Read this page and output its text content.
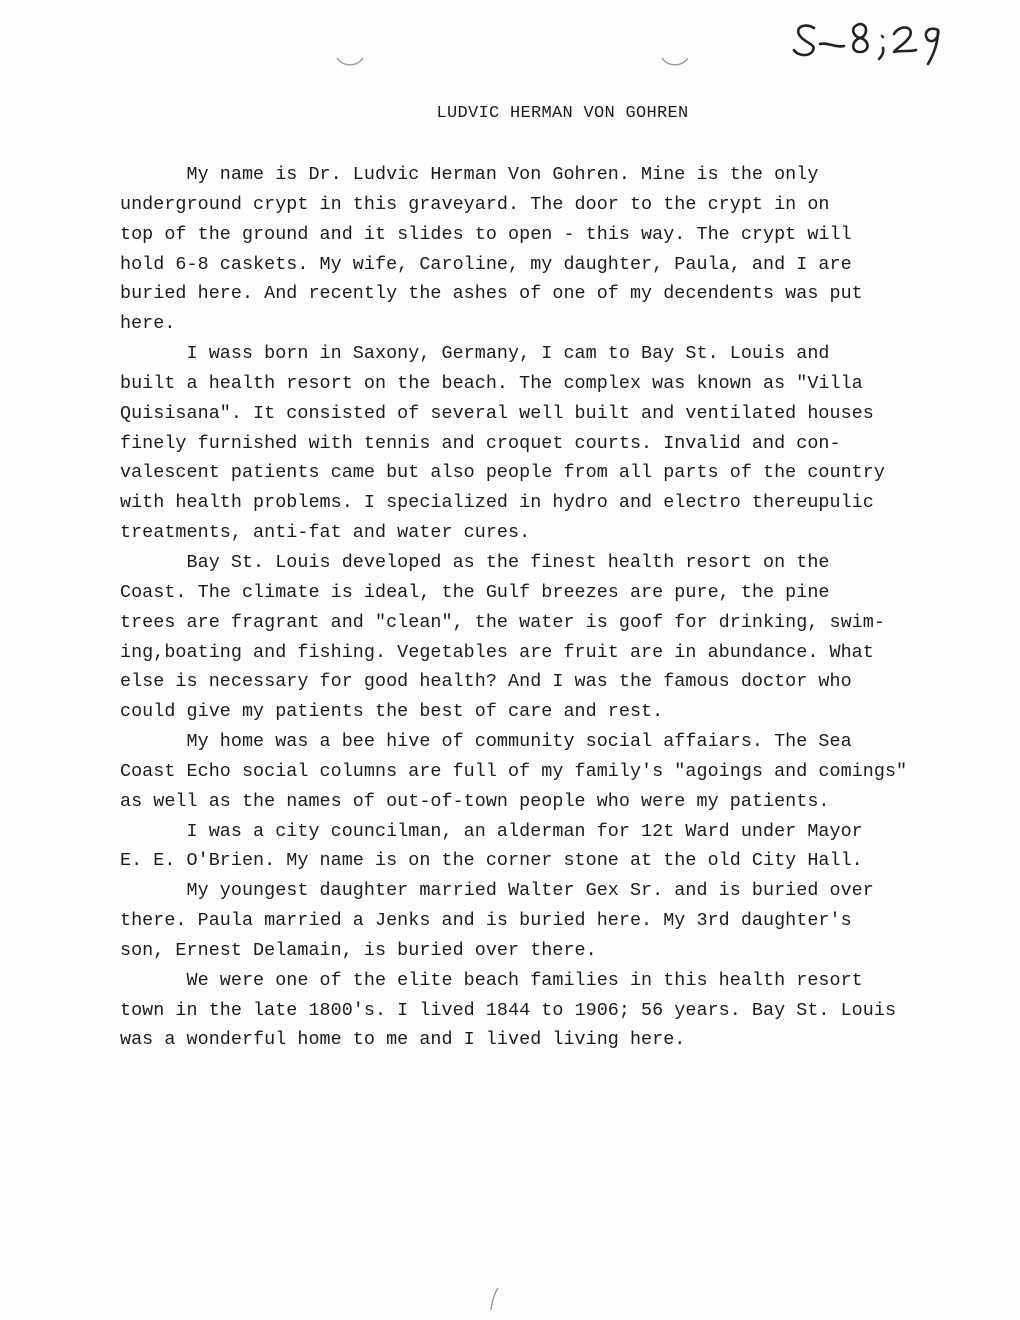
LUDVIC HERMAN VON GOHREN
My name is Dr. Ludvic Herman Von Gohren. Mine is the only
underground crypt in this graveyard. The door to the crypt in on
top of the ground and it slides to open - this way. The crypt will
hold 6-8 caskets. My wife, Caroline, my daughter, Paula, and I are
buried here. And recently the ashes of one of my decendents was put
here.
I wass born in Saxony, Germany, I cam to Bay St. Louis and
built a health resort on the beach. The complex was known as "Villa
Quisisana". It consisted of several well built and ventilated houses
finely furnished with tennis and croquet courts. Invalid and con-
valescent patients came but also people from all parts of the country
with health problems. I specialized in hydro and electro thereupulic
treatments, anti-fat and water cures.
Bay St. Louis developed as the finest health resort on the
Coast. The climate is ideal, the Gulf breezes are pure, the pine
trees are fragrant and "clean", the water is goof for drinking, swim-
ing,boating and fishing. Vegetables are fruit are in abundance. What
else is necessary for good health? And I was the famous doctor who
could give my patients the best of care and rest.
My home was a bee hive of community social affaiars. The Sea
Coast Echo social columns are full of my family's "agoings and comings"
as well as the names of out-of-town people who were my patients.
I was a city councilman, an alderman for 12t Ward under Mayor
E. E. O'Brien. My name is on the corner stone at the old City Hall.
My youngest daughter married Walter Gex Sr. and is buried over
there. Paula married a Jenks and is buried here. My 3rd daughter's
son, Ernest Delamain, is buried over there.
We were one of the elite beach families in this health resort
town in the late 1800's. I lived 1844 to 1906; 56 years. Bay St. Louis
was a wonderful home to me and I lived living here.
